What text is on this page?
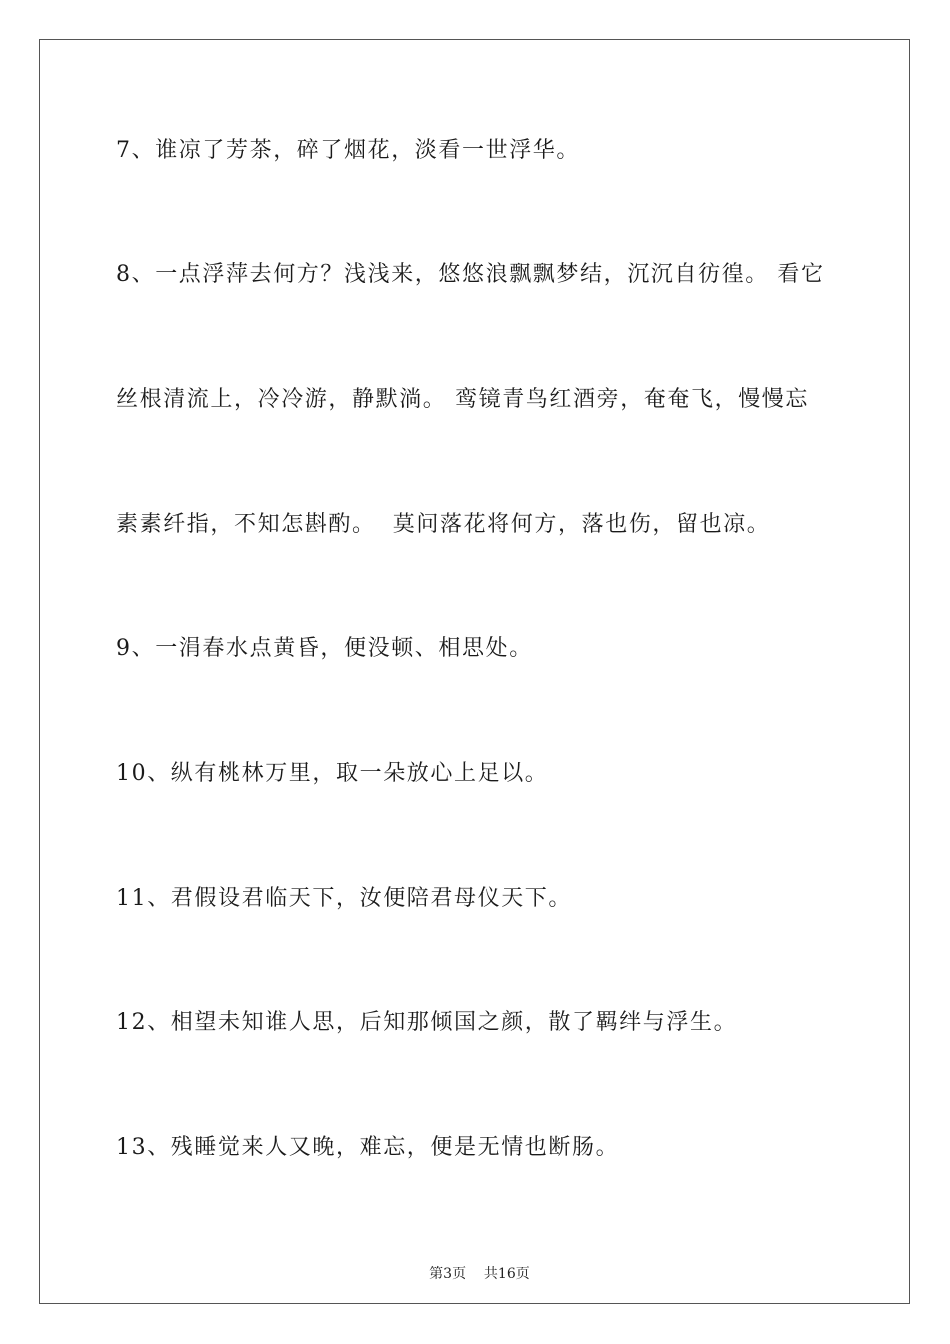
7、谁凉了芳茶，碎了烟花，淡看一世浮华。
8、一点浮萍去何方？浅浅来，悠悠浪飘飘梦结，沉沉自彷徨。 看它
丝根清流上，冷冷游，静默淌。 鸾镜青鸟红酒旁，奄奄飞，慢慢忘
素素纤指，不知怎斟酌。  莫问落花将何方，落也伤，留也凉。
9、一涓春水点黄昏，便没顿、相思处。
10、纵有桃林万里，取一朵放心上足以。
11、君假设君临天下，汝便陪君母仪天下。
12、相望未知谁人思，后知那倾国之颜，散了羁绊与浮生。
13、残睡觉来人又晚，难忘，便是无情也断肠。

第3页 共16页
